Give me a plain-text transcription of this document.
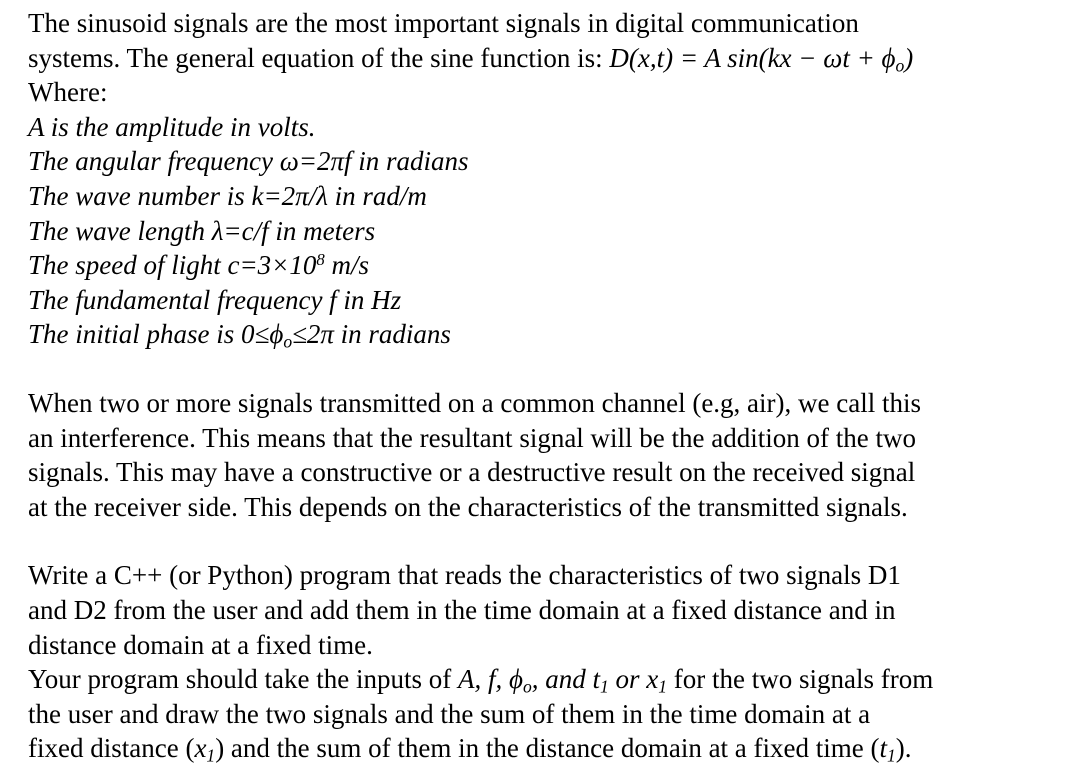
The sinusoid signals are the most important signals in digital communication
systems. The general equation of the sine function is: D(x,t) = A $\sin(kx - \omega t + \phi_o)$
Where:
A is the amplitude in volts.
The angular frequency ω=2πf in radians
The wave number is k=2π/λ in rad/m
The wave length λ=c/f in meters
The speed of light $c=3\times 10^8$ m/s
The fundamental frequency f in Hz
The initial phase is $0\le\phi_o\le 2\pi$ in radians
When two or more signals transmitted on a common channel (e.g, air), we call this
an interference. This means that the resultant signal will be the addition of the two
signals. This may have a constructive or a destructive result on the received signal
at the receiver side. This depends on the characteristics of the transmitted signals.
Write a C++ (or Python) program that reads the characteristics of two signals D1
and D2 from the user and add them in the time domain at a fixed distance and in
distance domain at a fixed time.
Your program should take the inputs of A, f, $\phi_o$, and $t_1$ or $x_1$ for the two signals from
the user and draw the two signals and the sum of them in the time domain at a
fixed distance $(x_1)$ and the sum of them in the distance domain at a fixed time $(t_1)$.
